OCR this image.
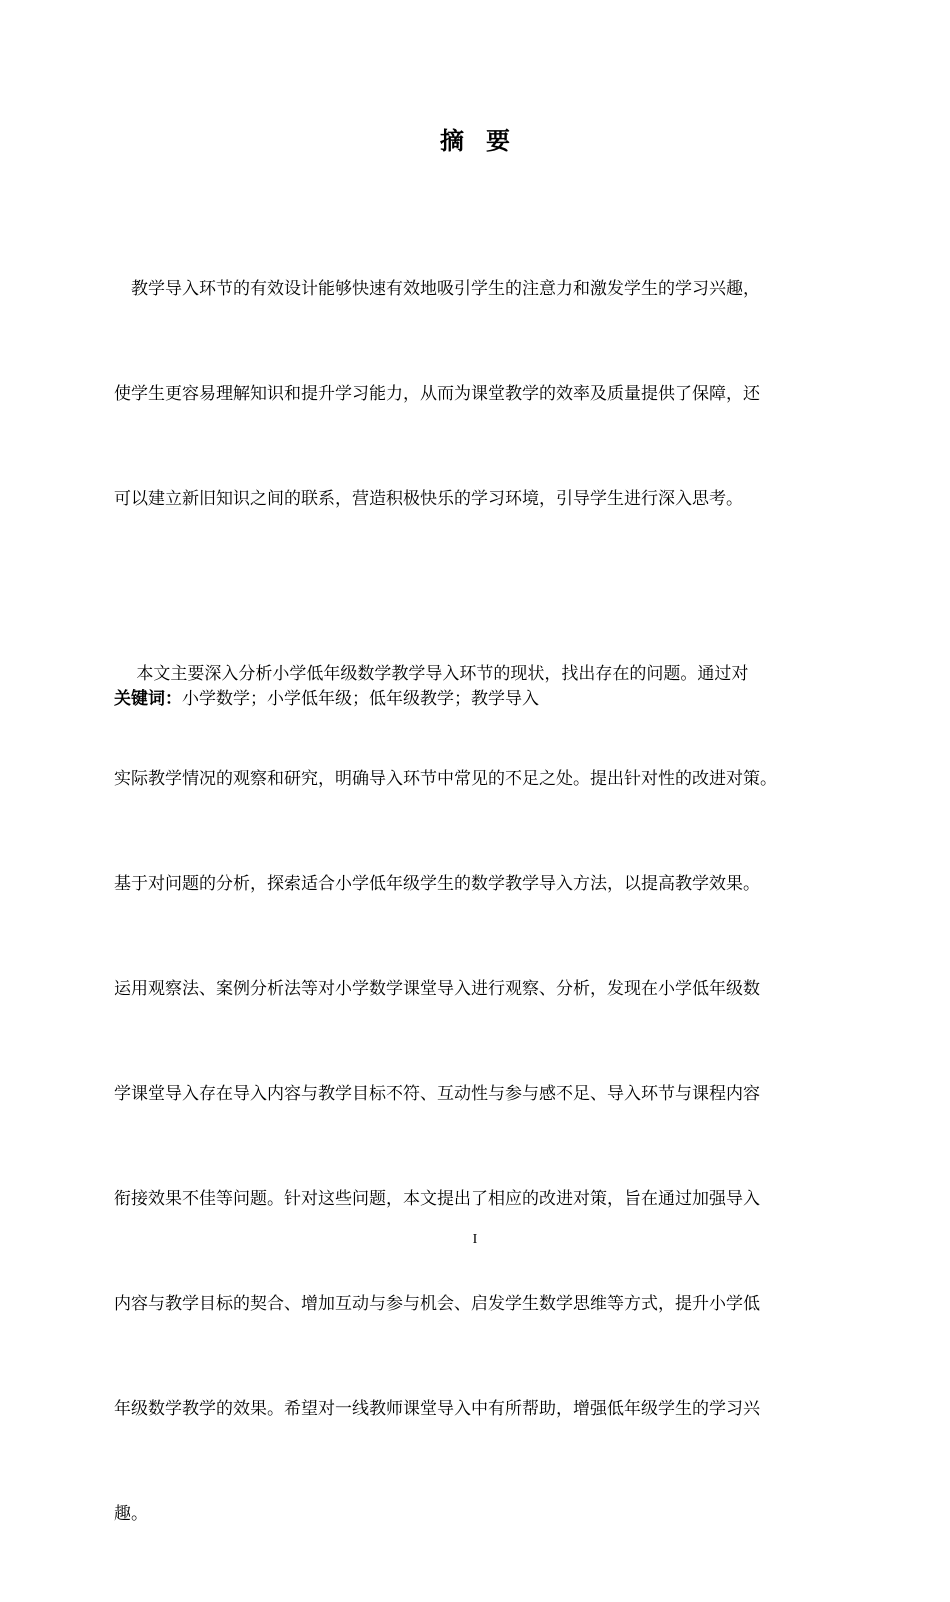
摘要

　教学导入环节的有效设计能够快速有效地吸引学生的注意力和激发学生的学习兴趣，

使学生更容易理解知识和提升学习能力，从而为课堂教学的效率及质量提供了保障，还

可以建立新旧知识之间的联系，营造积极快乐的学习环境，引导学生进行深入思考。

　 本文主要深入分析小学低年级数学教学导入环节的现状，找出存在的问题。通过对

实际教学情况的观察和研究，明确导入环节中常见的不足之处。提出针对性的改进对策。

基于对问题的分析，探索适合小学低年级学生的数学教学导入方法，以提高教学效果。

运用观察法、案例分析法等对小学数学课堂导入进行观察、分析，发现在小学低年级数

学课堂导入存在导入内容与教学目标不符、互动性与参与感不足、导入环节与课程内容

衔接效果不佳等问题。针对这些问题，本文提出了相应的改进对策，旨在通过加强导入

内容与教学目标的契合、增加互动与参与机会、启发学生数学思维等方式，提升小学低

年级数学教学的效果。希望对一线教师课堂导入中有所帮助，增强低年级学生的学习兴

趣。

关键词：小学数学；小学低年级；低年级教学；教学导入
I
